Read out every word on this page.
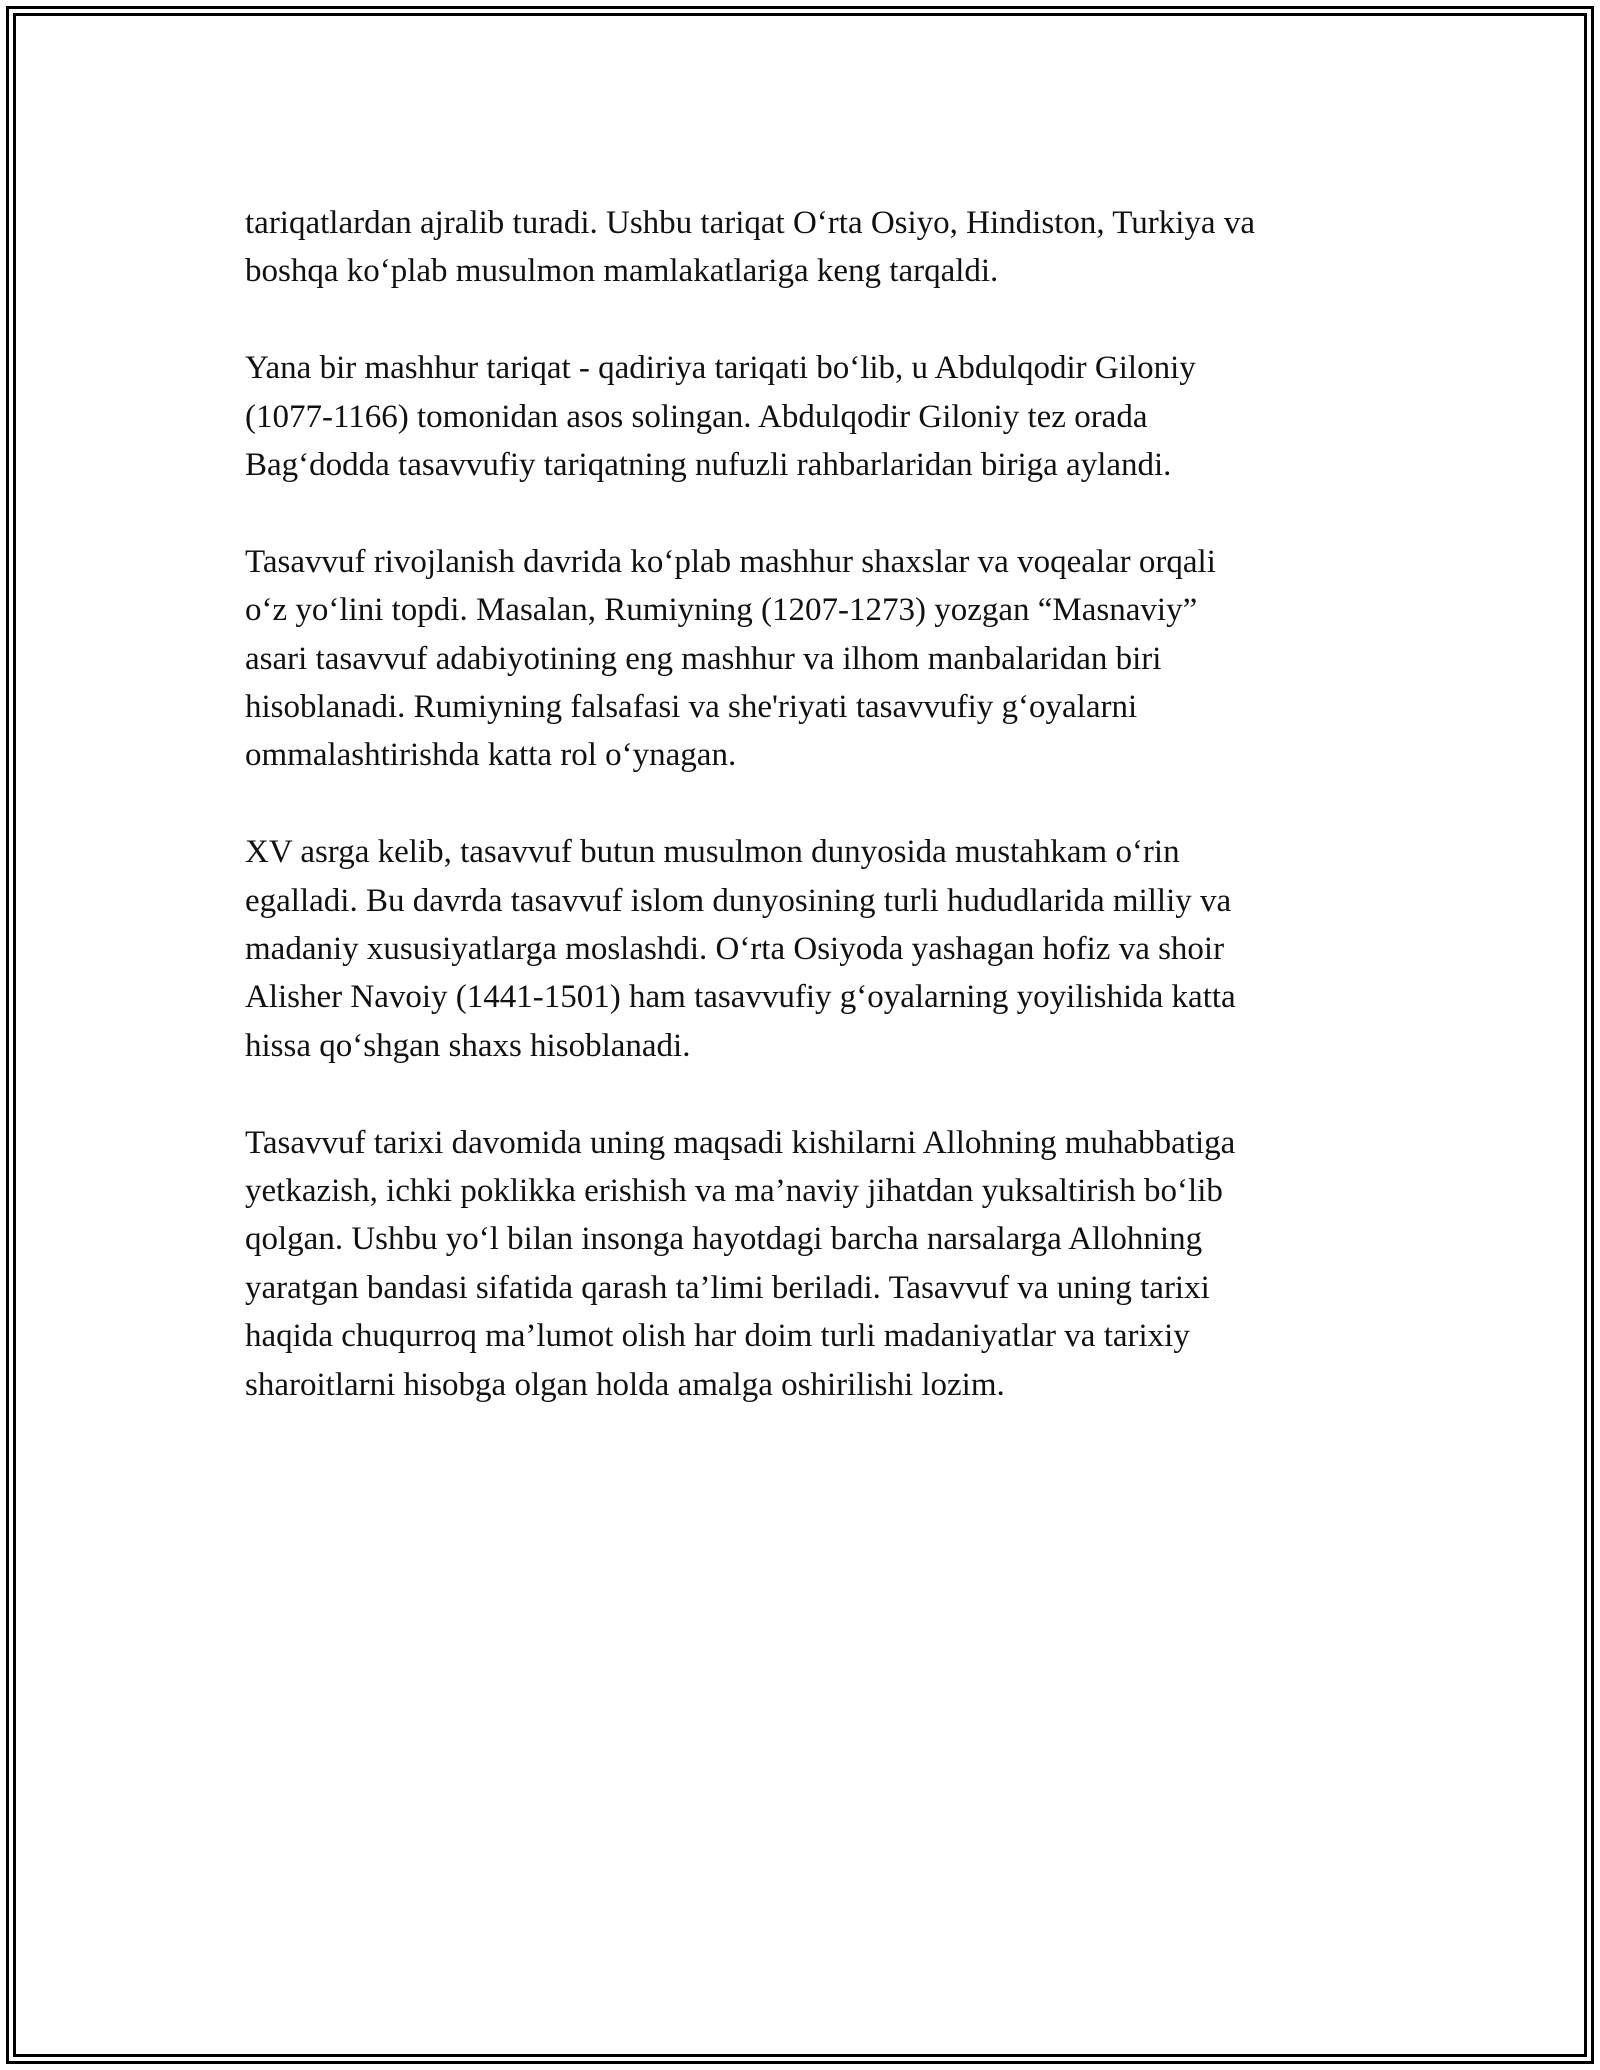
tariqatlardan ajralib turadi. Ushbu tariqat O‘rta Osiyo, Hindiston, Turkiya va
boshqa ko‘plab musulmon mamlakatlariga keng tarqaldi.

Yana bir mashhur tariqat - qadiriya tariqati bo‘lib, u Abdulqodir Giloniy
(1077-1166) tomonidan asos solingan. Abdulqodir Giloniy tez orada
Bag‘dodda tasavvufiy tariqatning nufuzli rahbarlaridan biriga aylandi.

Tasavvuf rivojlanish davrida ko‘plab mashhur shaxslar va voqealar orqali
o‘z yo‘lini topdi. Masalan, Rumiyning (1207-1273) yozgan “Masnaviy”
asari tasavvuf adabiyotining eng mashhur va ilhom manbalaridan biri
hisoblanadi. Rumiyning falsafasi va she'riyati tasavvufiy g‘oyalarni
ommalashtirishda katta rol o‘ynagan.

XV asrga kelib, tasavvuf butun musulmon dunyosida mustahkam o‘rin
egalladi. Bu davrda tasavvuf islom dunyosining turli hududlarida milliy va
madaniy xususiyatlarga moslashdi. O‘rta Osiyoda yashagan hofiz va shoir
Alisher Navoiy (1441-1501) ham tasavvufiy g‘oyalarning yoyilishida katta
hissa qo‘shgan shaxs hisoblanadi.

Tasavvuf tarixi davomida uning maqsadi kishilarni Allohning muhabbatiga
yetkazish, ichki poklikka erishish va ma’naviy jihatdan yuksaltirish bo‘lib
qolgan. Ushbu yo‘l bilan insonga hayotdagi barcha narsalarga Allohning
yaratgan bandasi sifatida qarash ta’limi beriladi. Tasavvuf va uning tarixi
haqida chuqurroq ma’lumot olish har doim turli madaniyatlar va tarixiy
sharoitlarni hisobga olgan holda amalga oshirilishi lozim.
